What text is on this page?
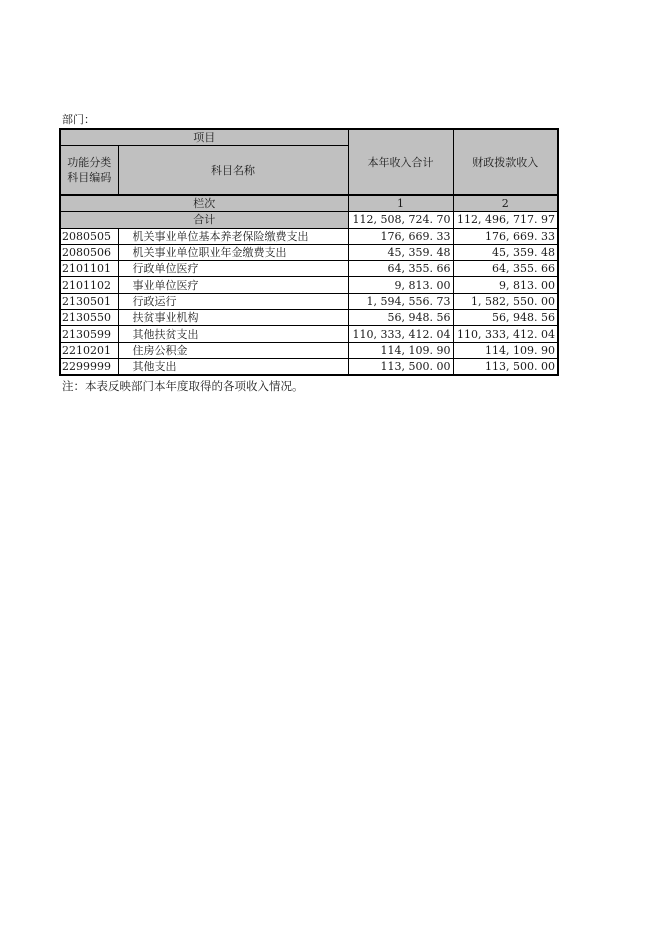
部门：
项目		本年收入合计	财政拨款收入

功能分类
科目编码	科目名称		
栏次		1	2
合计		112, 508, 724. 70	112, 496, 717. 97
2080505	机关事业单位基本养老保险缴费支出	176, 669. 33	176, 669. 33
2080506	机关事业单位职业年金缴费支出	45, 359. 48	45, 359. 48
2101101	行政单位医疗	64, 355. 66	64, 355. 66
2101102	事业单位医疗	9, 813. 00	9, 813. 00
2130501	行政运行	1, 594, 556. 73	1, 582, 550. 00
2130550	扶贫事业机构	56, 948. 56	56, 948. 56
2130599	其他扶贫支出	110, 333, 412. 04	110, 333, 412. 04
2210201	住房公积金	114, 109. 90	114, 109. 90
2299999	其他支出	113, 500. 00	113, 500. 00
注：本表反映部门本年度取得的各项收入情况。
